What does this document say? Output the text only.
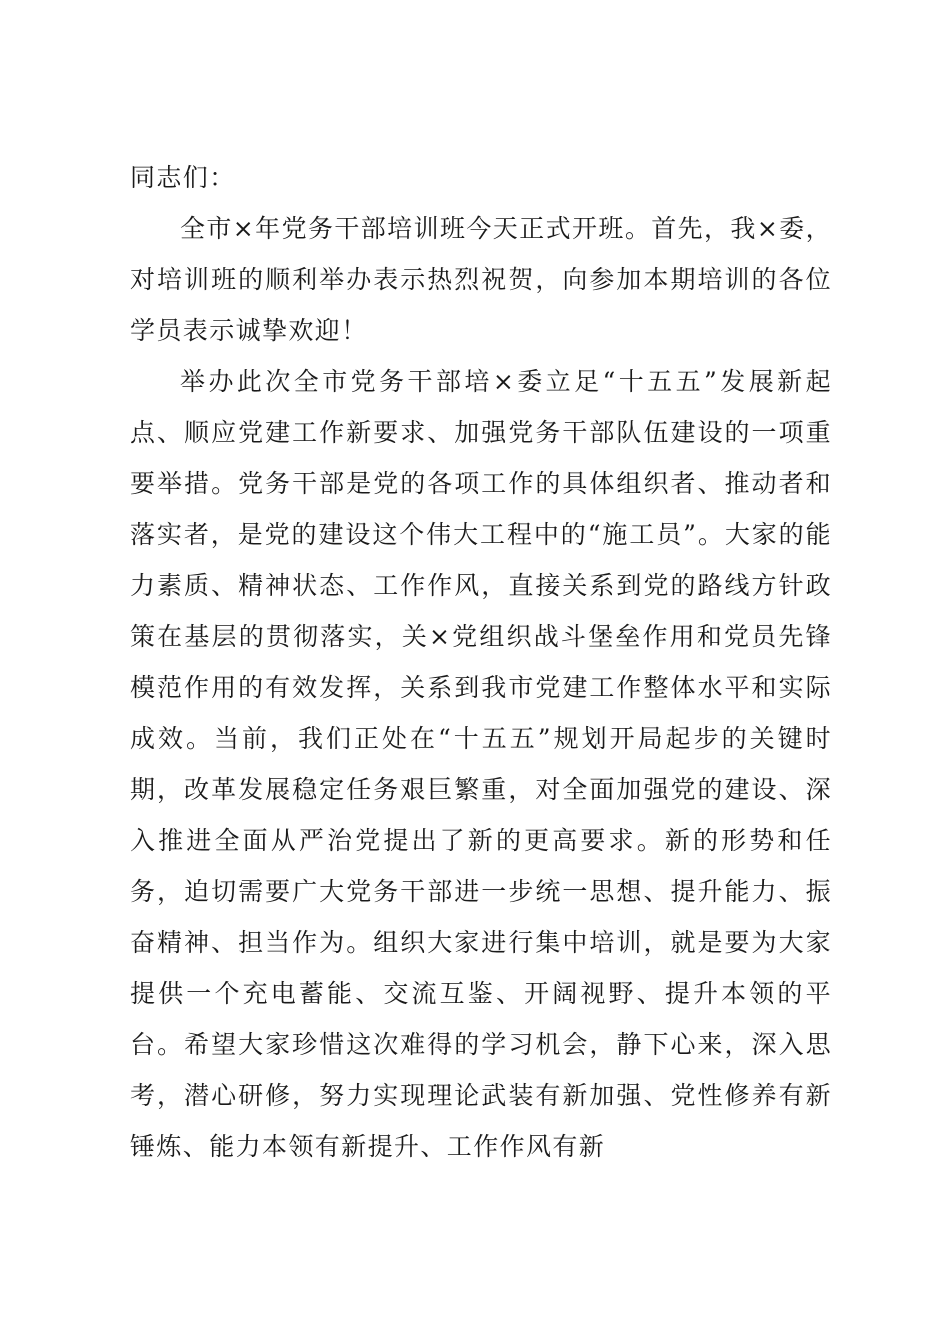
同志们：

全市×年党务干部培训班今天正式开班。首先，我×委，对培训班的顺利举办表示热烈祝贺，向参加本期培训的各位学员表示诚挚欢迎！

举办此次全市党务干部培×委立足“十五五”发展新起点、顺应党建工作新要求、加强党务干部队伍建设的一项重要举措。党务干部是党的各项工作的具体组织者、推动者和落实者，是党的建设这个伟大工程中的“施工员”。大家的能力素质、精神状态、工作作风，直接关系到党的路线方针政策在基层的贯彻落实，关×党组织战斗堡垒作用和党员先锋模范作用的有效发挥，关系到我市党建工作整体水平和实际成效。当前，我们正处在“十五五”规划开局起步的关键时期，改革发展稳定任务艰巨繁重，对全面加强党的建设、深入推进全面从严治党提出了新的更高要求。新的形势和任务，迫切需要广大党务干部进一步统一思想、提升能力、振奋精神、担当作为。组织大家进行集中培训，就是要为大家提供一个充电蓄能、交流互鉴、开阔视野、提升本领的平台。希望大家珍惜这次难得的学习机会，静下心来，深入思考，潜心研修，努力实现理论武装有新加强、党性修养有新锤炼、能力本领有新提升、工作作风有新
